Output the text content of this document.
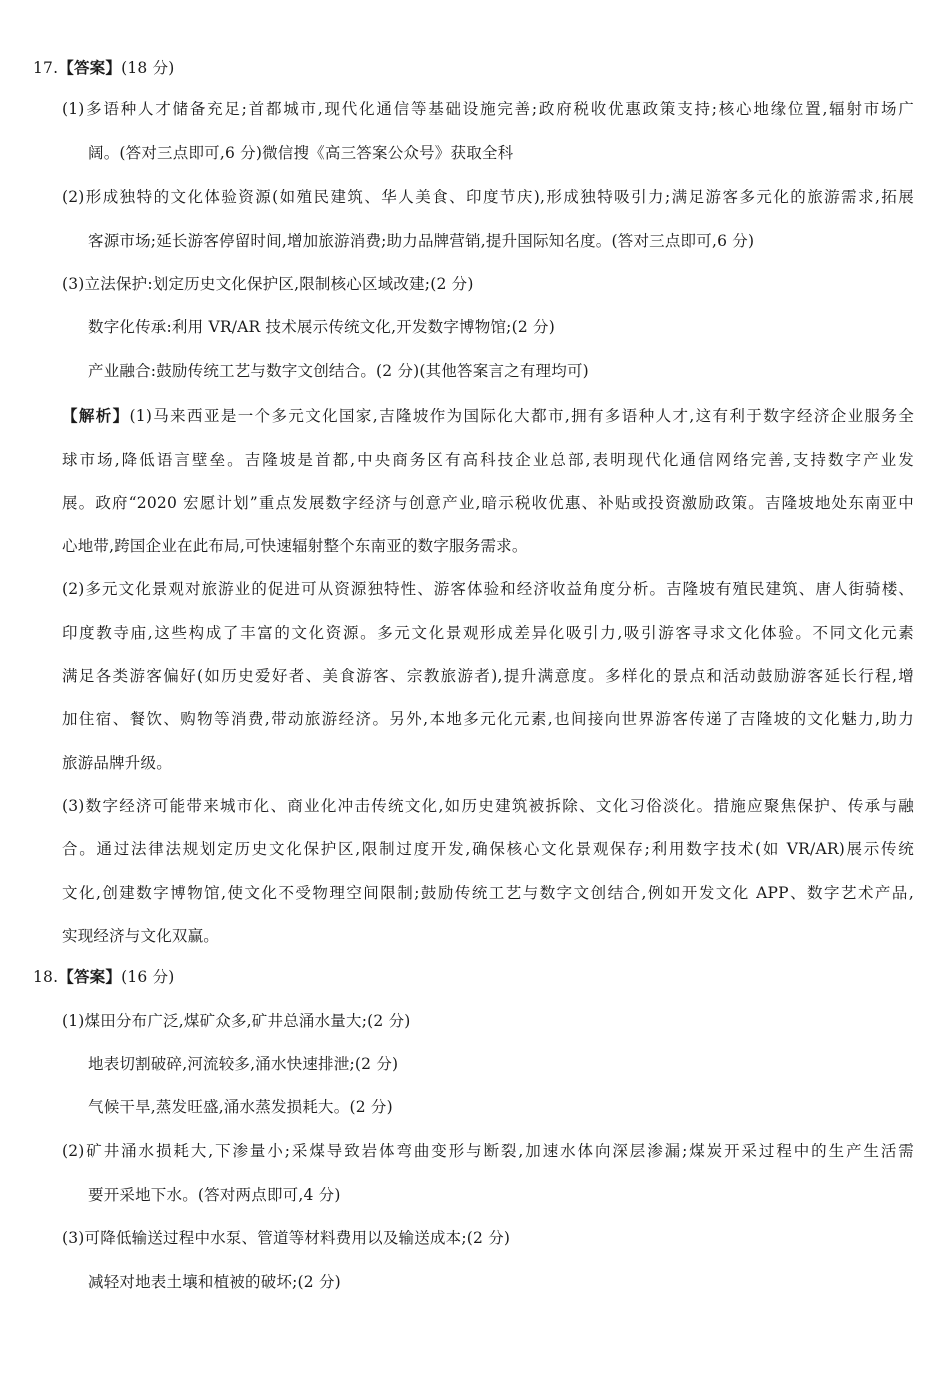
17.【答案】(18 分)
(1)多语种人才储备充足;首都城市,现代化通信等基础设施完善;政府税收优惠政策支持;核心地缘位置,辐射市场广
阔。(答对三点即可,6 分)微信搜《高三答案公众号》获取全科
(2)形成独特的文化体验资源(如殖民建筑、华人美食、印度节庆),形成独特吸引力;满足游客多元化的旅游需求,拓展
客源市场;延长游客停留时间,增加旅游消费;助力品牌营销,提升国际知名度。(答对三点即可,6 分)
(3)立法保护:划定历史文化保护区,限制核心区域改建;(2 分)
数字化传承:利用 VR/AR 技术展示传统文化,开发数字博物馆;(2 分)
产业融合:鼓励传统工艺与数字文创结合。(2 分)(其他答案言之有理均可)
【解析】(1)马来西亚是一个多元文化国家,吉隆坡作为国际化大都市,拥有多语种人才,这有利于数字经济企业服务全
球市场,降低语言壁垒。吉隆坡是首都,中央商务区有高科技企业总部,表明现代化通信网络完善,支持数字产业发
展。政府“2020 宏愿计划”重点发展数字经济与创意产业,暗示税收优惠、补贴或投资激励政策。吉隆坡地处东南亚中
心地带,跨国企业在此布局,可快速辐射整个东南亚的数字服务需求。
(2)多元文化景观对旅游业的促进可从资源独特性、游客体验和经济收益角度分析。吉隆坡有殖民建筑、唐人街骑楼、
印度教寺庙,这些构成了丰富的文化资源。多元文化景观形成差异化吸引力,吸引游客寻求文化体验。不同文化元素
满足各类游客偏好(如历史爱好者、美食游客、宗教旅游者),提升满意度。多样化的景点和活动鼓励游客延长行程,增
加住宿、餐饮、购物等消费,带动旅游经济。另外,本地多元化元素,也间接向世界游客传递了吉隆坡的文化魅力,助力
旅游品牌升级。
(3)数字经济可能带来城市化、商业化冲击传统文化,如历史建筑被拆除、文化习俗淡化。措施应聚焦保护、传承与融
合。通过法律法规划定历史文化保护区,限制过度开发,确保核心文化景观保存;利用数字技术(如 VR/AR)展示传统
文化,创建数字博物馆,使文化不受物理空间限制;鼓励传统工艺与数字文创结合,例如开发文化 APP、数字艺术产品,
实现经济与文化双赢。
18.【答案】(16 分)
(1)煤田分布广泛,煤矿众多,矿井总涌水量大;(2 分)
地表切割破碎,河流较多,涌水快速排泄;(2 分)
气候干旱,蒸发旺盛,涌水蒸发损耗大。(2 分)
(2)矿井涌水损耗大,下渗量小;采煤导致岩体弯曲变形与断裂,加速水体向深层渗漏;煤炭开采过程中的生产生活需
要开采地下水。(答对两点即可,4 分)
(3)可降低输送过程中水泵、管道等材料费用以及输送成本;(2 分)
减轻对地表土壤和植被的破坏;(2 分)
